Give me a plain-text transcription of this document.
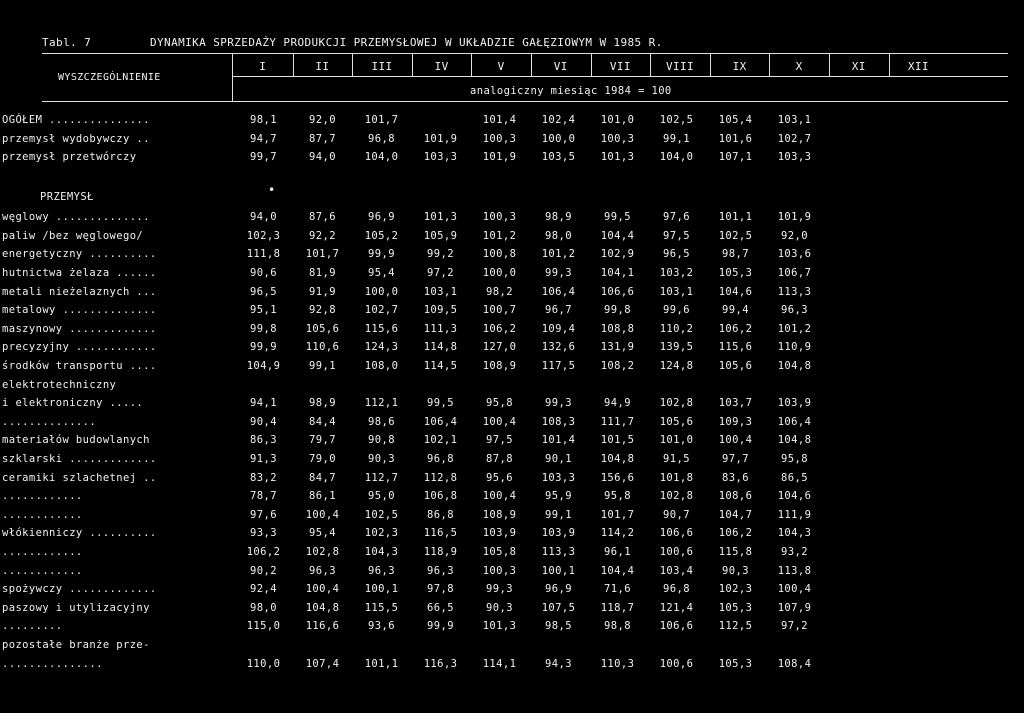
Tabl. 7	DYNAMIKA SPRZEDAŻY PRODUKCJI PRZEMYSŁOWEJ W UKŁADZIE GAŁĘZIOWYM W 1985 R.
WYSZCZEGÓLNIENIE
analogiczny miesiąc 1984 = 100
I	II	III	IV	V	VI	VII	VIII	IX	X	XI	XII
OGÓŁEM ...............	98,1	92,0	101,7		101,4	102,4	101,0	102,5	105,4	103,1
przemysł wydobywczy ..	94,7	87,7	96,8	101,9	100,3	100,0	100,3	99,1	101,6	102,7
przemysł przetwórczy	99,7	94,0	104,0	103,3	101,9	103,5	101,3	104,0	107,1	103,3
PRZEMYSŁ	•
węglowy ..............	94,0	87,6	96,9	101,3	100,3	98,9	99,5	97,6	101,1	101,9
paliw /bez węglowego/	102,3	92,2	105,2	105,9	101,2	98,0	104,4	97,5	102,5	92,0
energetyczny ..........	111,8	101,7	99,9	99,2	100,8	101,2	102,9	96,5	98,7	103,6
hutnictwa żelaza ......	90,6	81,9	95,4	97,2	100,0	99,3	104,1	103,2	105,3	106,7
metali nieżelaznych ...	96,5	91,9	100,0	103,1	98,2	106,4	106,6	103,1	104,6	113,3
metalowy ..............	95,1	92,8	102,7	109,5	100,7	96,7	99,8	99,6	99,4	96,3
maszynowy .............	99,8	105,6	115,6	111,3	106,2	109,4	108,8	110,2	106,2	101,2
precyzyjny ............	99,9	110,6	124,3	114,8	127,0	132,6	131,9	139,5	115,6	110,9
środków transportu ....	104,9	99,1	108,0	114,5	108,9	117,5	108,2	124,8	105,6	104,8
elektrotechniczny										
i elektroniczny .....	94,1	98,9	112,1	99,5	95,8	99,3	94,9	102,8	103,7	103,9
..............	90,4	84,4	98,6	106,4	100,4	108,3	111,7	105,6	109,3	106,4
materiałów budowlanych	86,3	79,7	90,8	102,1	97,5	101,4	101,5	101,0	100,4	104,8
szklarski .............	91,3	79,0	90,3	96,8	87,8	90,1	104,8	91,5	97,7	95,8
ceramiki szlachetnej ..	83,2	84,7	112,7	112,8	95,6	103,3	156,6	101,8	83,6	86,5
............	78,7	86,1	95,0	106,8	100,4	95,9	95,8	102,8	108,6	104,6
............	97,6	100,4	102,5	86,8	108,9	99,1	101,7	90,7	104,7	111,9
włókienniczy ..........	93,3	95,4	102,3	116,5	103,9	103,9	114,2	106,6	106,2	104,3
............	106,2	102,8	104,3	118,9	105,8	113,3	96,1	100,6	115,8	93,2
............	90,2	96,3	96,3	96,3	100,3	100,1	104,4	103,4	90,3	113,8
spożywczy .............	92,4	100,4	100,1	97,8	99,3	96,9	71,6	96,8	102,3	100,4
paszowy i utylizacyjny	98,0	104,8	115,5	66,5	90,3	107,5	118,7	121,4	105,3	107,9
.........	115,0	116,6	93,6	99,9	101,3	98,5	98,8	106,6	112,5	97,2
pozostałe branże prze-										
...............	110,0	107,4	101,1	116,3	114,1	94,3	110,3	100,6	105,3	108,4
